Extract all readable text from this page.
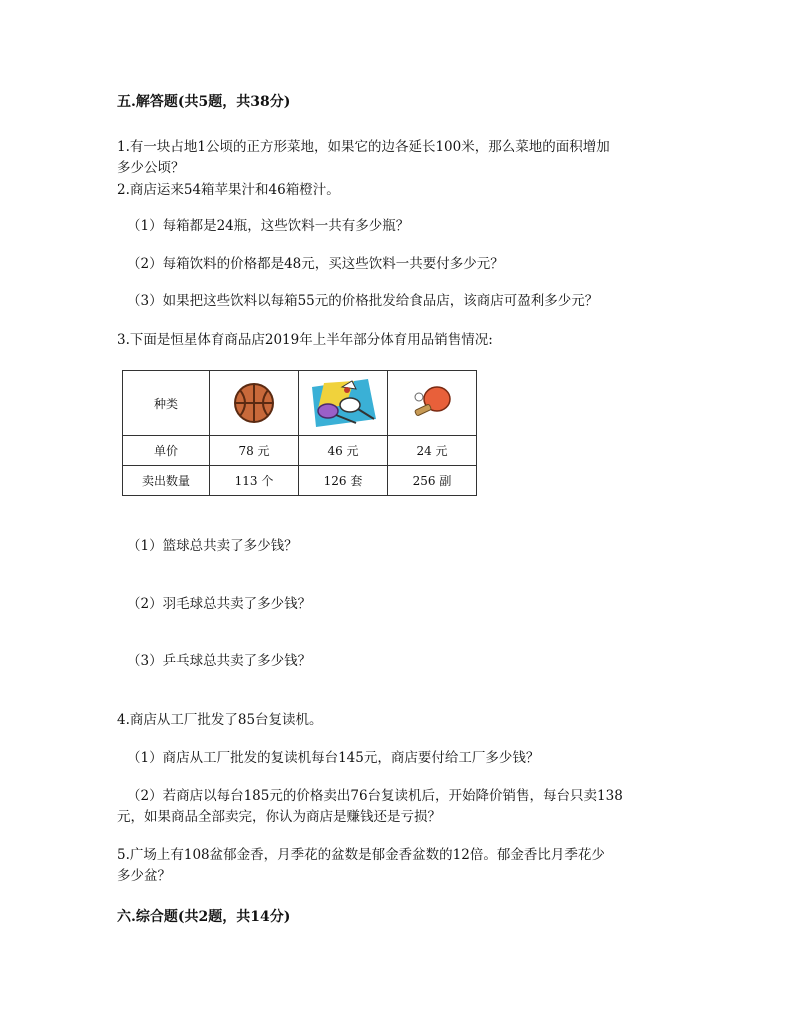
五.解答题(共5题，共38分)
1.有一块占地1公顷的正方形菜地，如果它的边各延长100米，那么菜地的面积增加
多少公顷？
2.商店运来54箱苹果汁和46箱橙汁。
（1）每箱都是24瓶，这些饮料一共有多少瓶？
（2）每箱饮料的价格都是48元，买这些饮料一共要付多少元？
（3）如果把这些饮料以每箱55元的价格批发给食品店，该商店可盈利多少元？
3.下面是恒星体育商品店2019年上半年部分体育用品销售情况:
种类			
单价	78 元	46 元	24 元
卖出数量	113 个	126 套	256 副
（1）篮球总共卖了多少钱？
（2）羽毛球总共卖了多少钱？
（3）乒乓球总共卖了多少钱？
4.商店从工厂批发了85台复读机。
（1）商店从工厂批发的复读机每台145元，商店要付给工厂多少钱？
（2）若商店以每台185元的价格卖出76台复读机后，开始降价销售，每台只卖138
元，如果商品全部卖完，你认为商店是赚钱还是亏损？
5.广场上有108盆郁金香，月季花的盆数是郁金香盆数的12倍。郁金香比月季花少
多少盆？
六.综合题(共2题，共14分)
